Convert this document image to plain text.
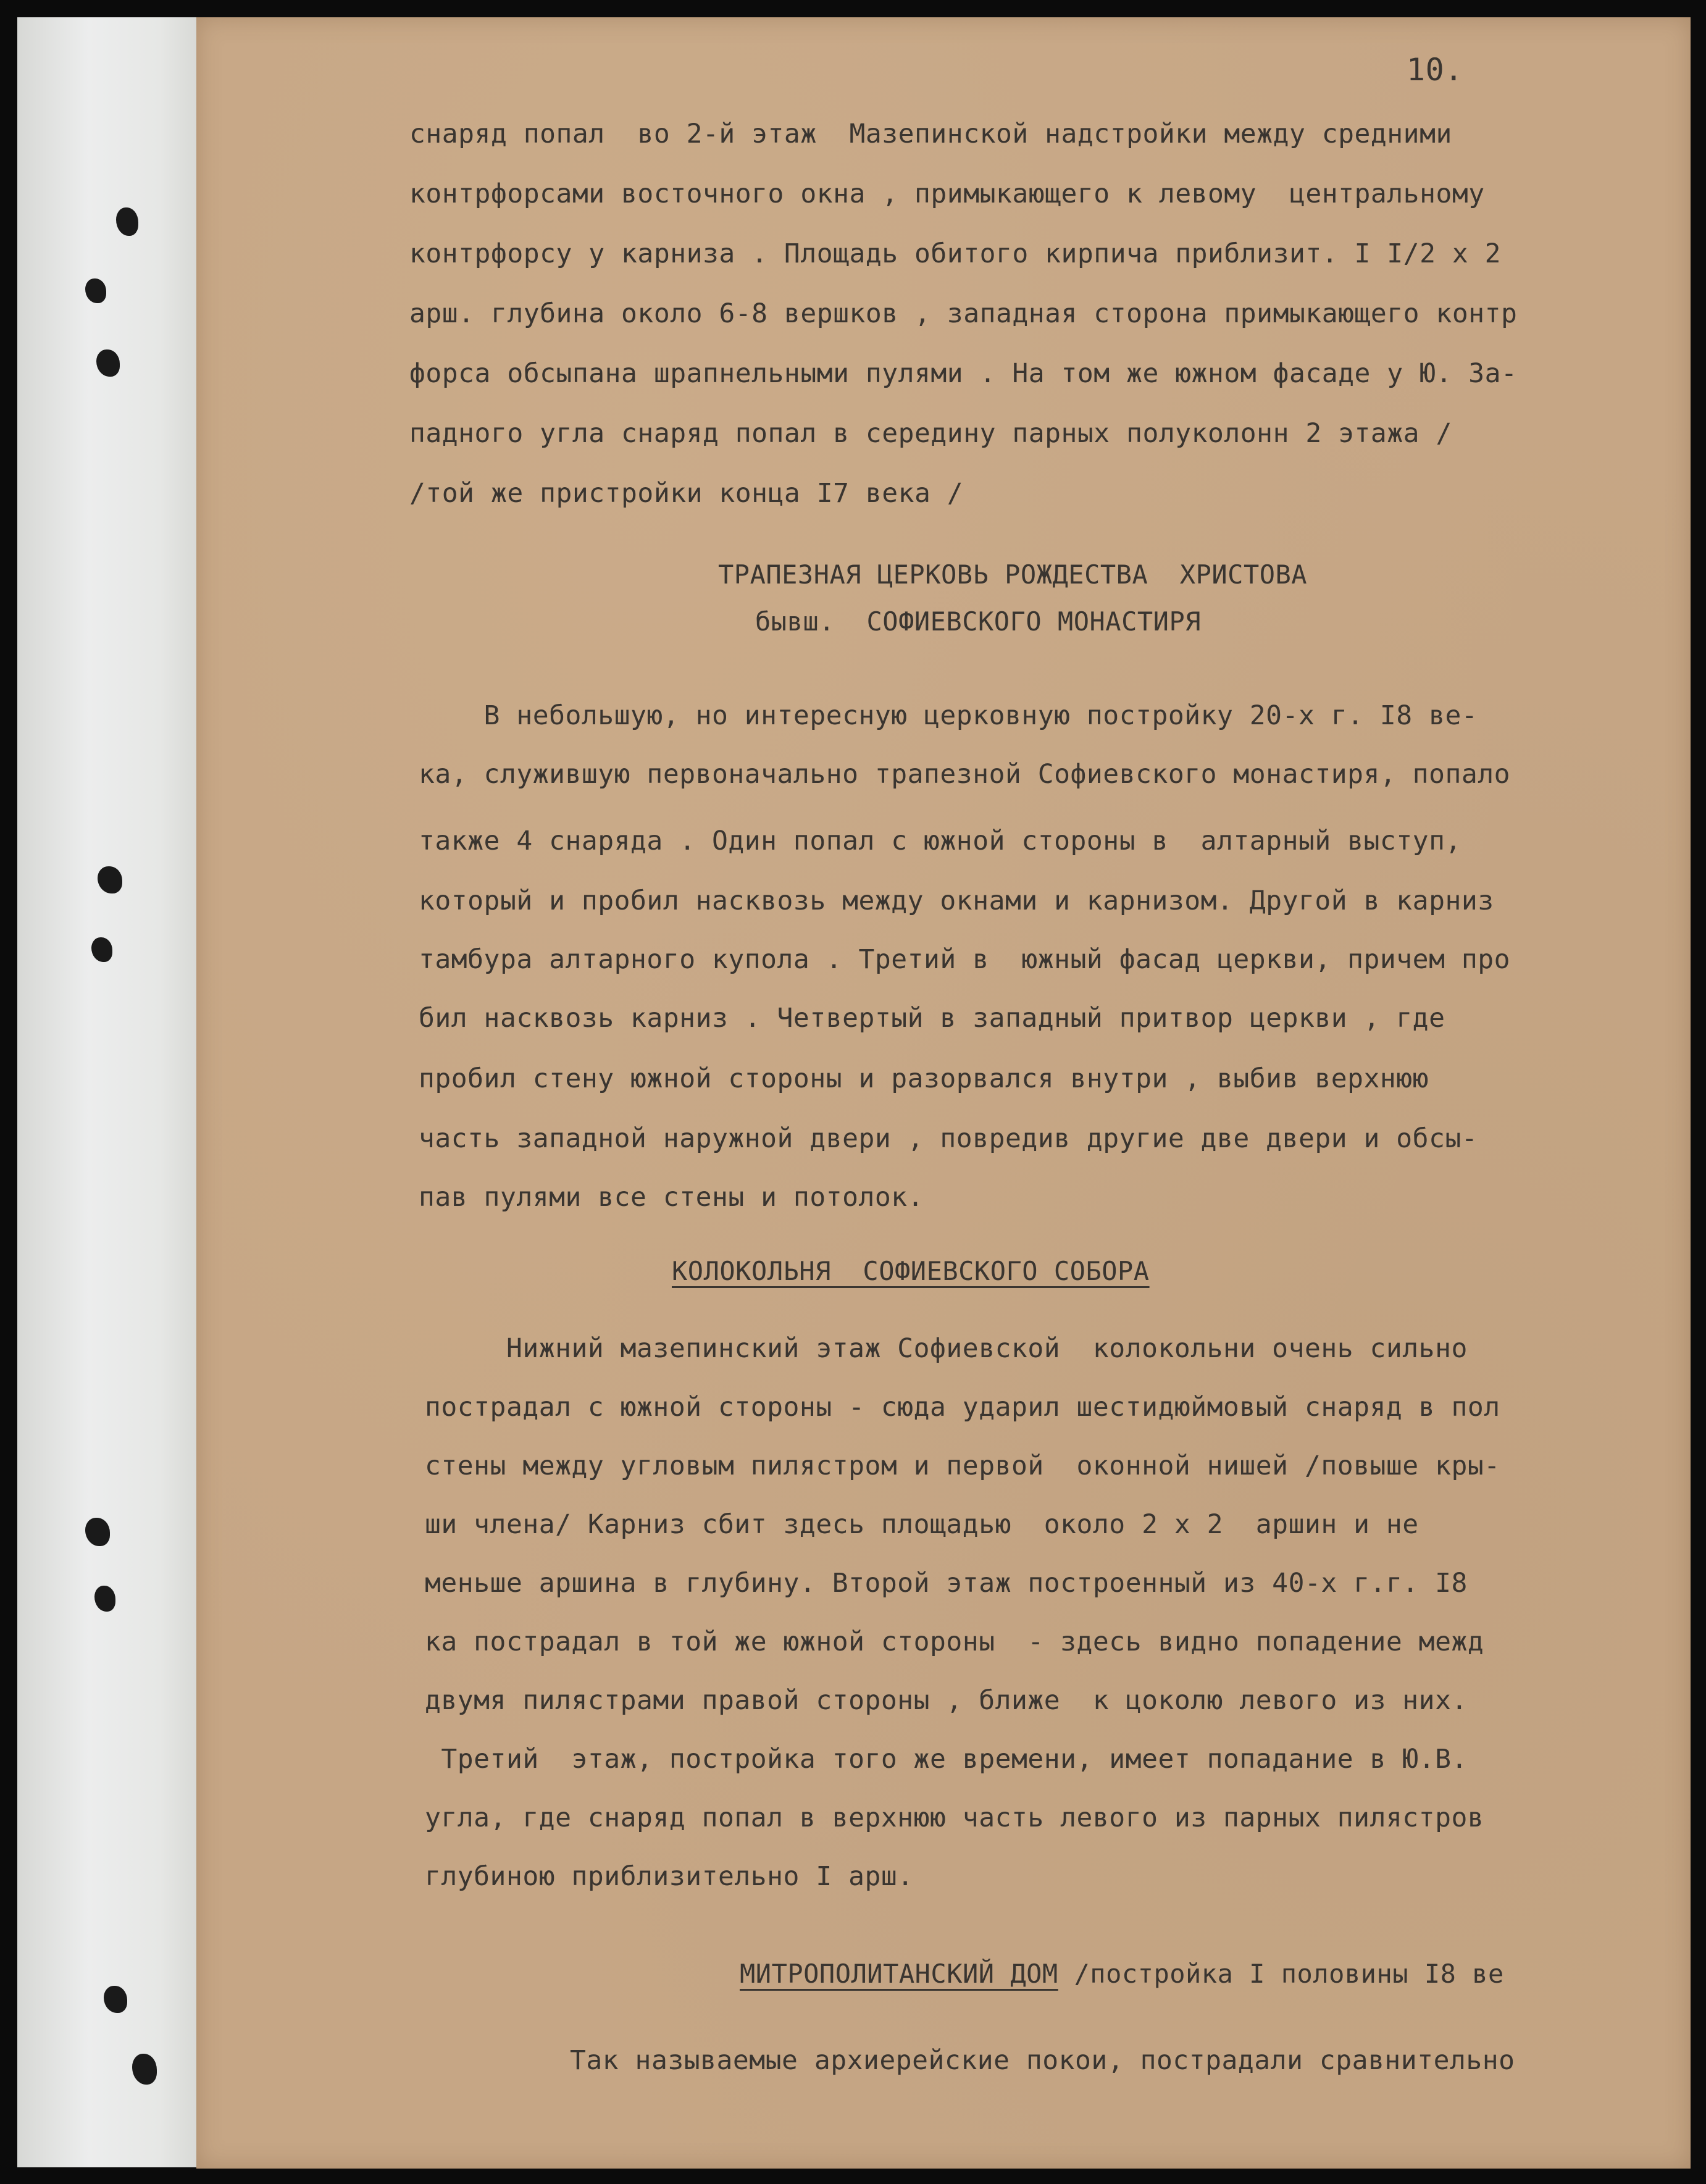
10.
снаряд попал  во 2-й этаж  Мазепинской надстройки между средними
контрфорсами восточного окна , примыкающего к левому  центральному
контрфорсу у карниза . Площадь обитого кирпича приблизит. I I/2 х 2
арш. глубина около 6-8 вершков , западная сторона примыкающего контр
форса обсыпана шрапнельными пулями . На том же южном фасаде у Ю. За-
падного угла снаряд попал в середину парных полуколонн 2 этажа /
/той же пристройки конца I7 века /
ТРАПЕЗНАЯ ЦЕРКОВЬ РОЖДЕСТВА  ХРИСТОВА
бывш.  СОФИЕВСКОГО МОНАСТИРЯ
В небольшую, но интересную церковную постройку 20-х г. I8 ве-
ка, служившую первоначально трапезной Софиевского монастиря, попало
также 4 снаряда . Один попал с южной стороны в  алтарный выступ,
который и пробил насквозь между окнами и карнизом. Другой в карниз
тамбура алтарного купола . Третий в  южный фасад церкви, причем про
бил насквозь карниз . Четвертый в западный притвор церкви , где
пробил стену южной стороны и разорвался внутри , выбив верхнюю
часть западной наружной двери , повредив другие две двери и обсы-
пав пулями все стены и потолок.
КОЛОКОЛЬНЯ  СОФИЕВСКОГО СОБОРА
Нижний мазепинский этаж Софиевской  колокольни очень сильно
пострадал с южной стороны - сюда ударил шестидюймовый снаряд в пол
стены между угловым пилястром и первой  оконной нишей /повыше кры-
ши членa/ Карниз сбит здесь площадью  около 2 х 2  аршин и не
меньше аршина в глубину. Второй этаж построенный из 40-х г.г. I8
ка пострадал в той же южной стороны  - здесь видно попадение межд
двумя пилястрами правой стороны , ближе  к цоколю левого из них.
Третий  этаж, постройка того же времени, имеет попадание в Ю.В.
угла, где снаряд попал в верхнюю часть левого из парных пилястров
глубиною приблизительно I арш.
МИТРОПОЛИТАНСКИЙ ДОМ /постройка I половины I8 ве
Так называемые архиерейские покои, пострадали сравнительно
